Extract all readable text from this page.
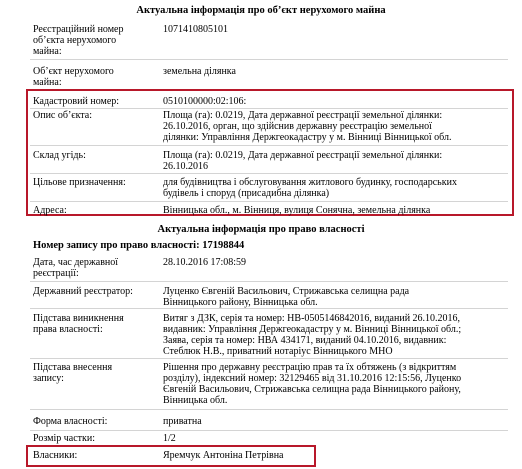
Актуальна інформація про об’єкт нерухомого майна
Реєстраційний номер
об’єкта нерухомого
майна:
1071410805101
Об’єкт нерухомого
майна:
земельна ділянка
Кадастровий номер:	0510100000:02:106:
Опис об’єкта:	Площа (га): 0.0219, Дата державної реєстрації земельної ділянки:
26.10.2016, орган, що здійснив державну реєстрацію земельної
ділянки: Управління Держгеокадастру у м. Вінниці Вінницької обл.
Склад угідь:	Площа (га): 0.0219, Дата державної реєстрації земельної ділянки:
26.10.2016
Цільове призначення:	для будівництва і обслуговування житлового будинку, господарських
будівель і споруд (присадибна ділянка)
Адреса:	Вінницька обл., м. Вінниця, вулиця Сонячна, земельна ділянка
Актуальна інформація про право власності
Номер запису про право власності: 17198844
Дата, час державної
реєстрації:
28.10.2016 17:08:59
Державний реєстратор:	Луценко Євгеній Васильович, Стрижавська селищна рада
Вінницького району, Вінницька обл.
Підстава виникнення
права власності:
Витяг з ДЗК, серія та номер: НВ-0505146842016, виданий 26.10.2016,
видавник: Управління Держгеокадастру у м. Вінниці Вінницької обл.;
Заява, серія та номер: НВА 434171, виданий 04.10.2016, видавник:
Стеблюк Н.В., приватний нотаріус Вінницького МНО
Підстава внесення
запису:
Рішення про державну реєстрацію прав та їх обтяжень (з відкриттям
розділу), індексний номер: 32129465 від 31.10.2016 12:15:56, Луценко
Євгеній Васильович, Стрижавська селищна рада Вінницького району,
Вінницька обл.
Форма власності:	приватна
Розмір частки:	1/2
Власники:	Яремчук Антоніна Петрівна
